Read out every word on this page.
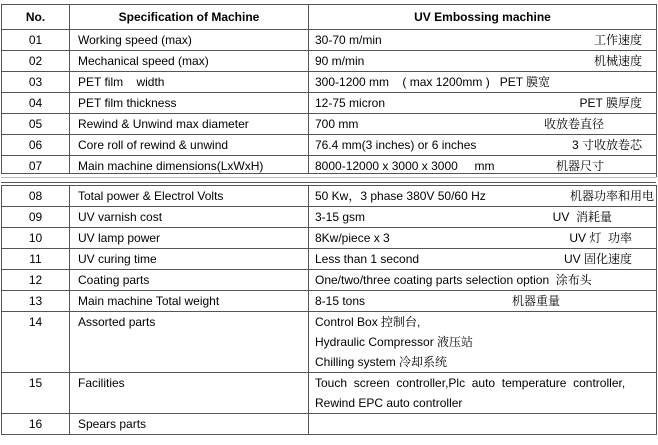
No.	Specification of Machine	UV Embossing machine
01	Working speed (max)	30-70 m/min 工作速度

02	Mechanical speed (max)	90 m/min 机械速度

03	PET film    width	300-1200 mm    ( max 1200mm )   PET 膜宽
04	PET film thickness	12-75 micron PET 膜厚度

05	Rewind & Unwind max diameter	700 mm 收放卷直径

06	Core roll of rewind & unwind	76.4 mm(3 inches) or 6 inches 3 寸收放卷芯

07	Main machine dimensions(LxWxH)	8000-12000 x 3000 x 3000     mm 机器尺寸
08	Total power & Electrol Volts	50 Kw，3 phase 380V 50/60 Hz 机器功率和用电

09	UV varnish cost	3-15 gsm UV  消耗量

10	UV lamp power	8Kw/piece x 3 UV 灯  功率

11	UV curing time	Less than 1 second UV 固化速度

12	Coating parts	One/two/three coating parts selection option  涂布头
13	Main machine Total weight	8-15 tons 机器重量

14	Assorted parts	Control Box 控制台,
Hydraulic Compressor 液压站
Chilling system 冷却系统

15	Facilities	Touch  screen  controller,Plc  auto  temperature  controller,
Rewind EPC auto controller

16	Spears parts	
